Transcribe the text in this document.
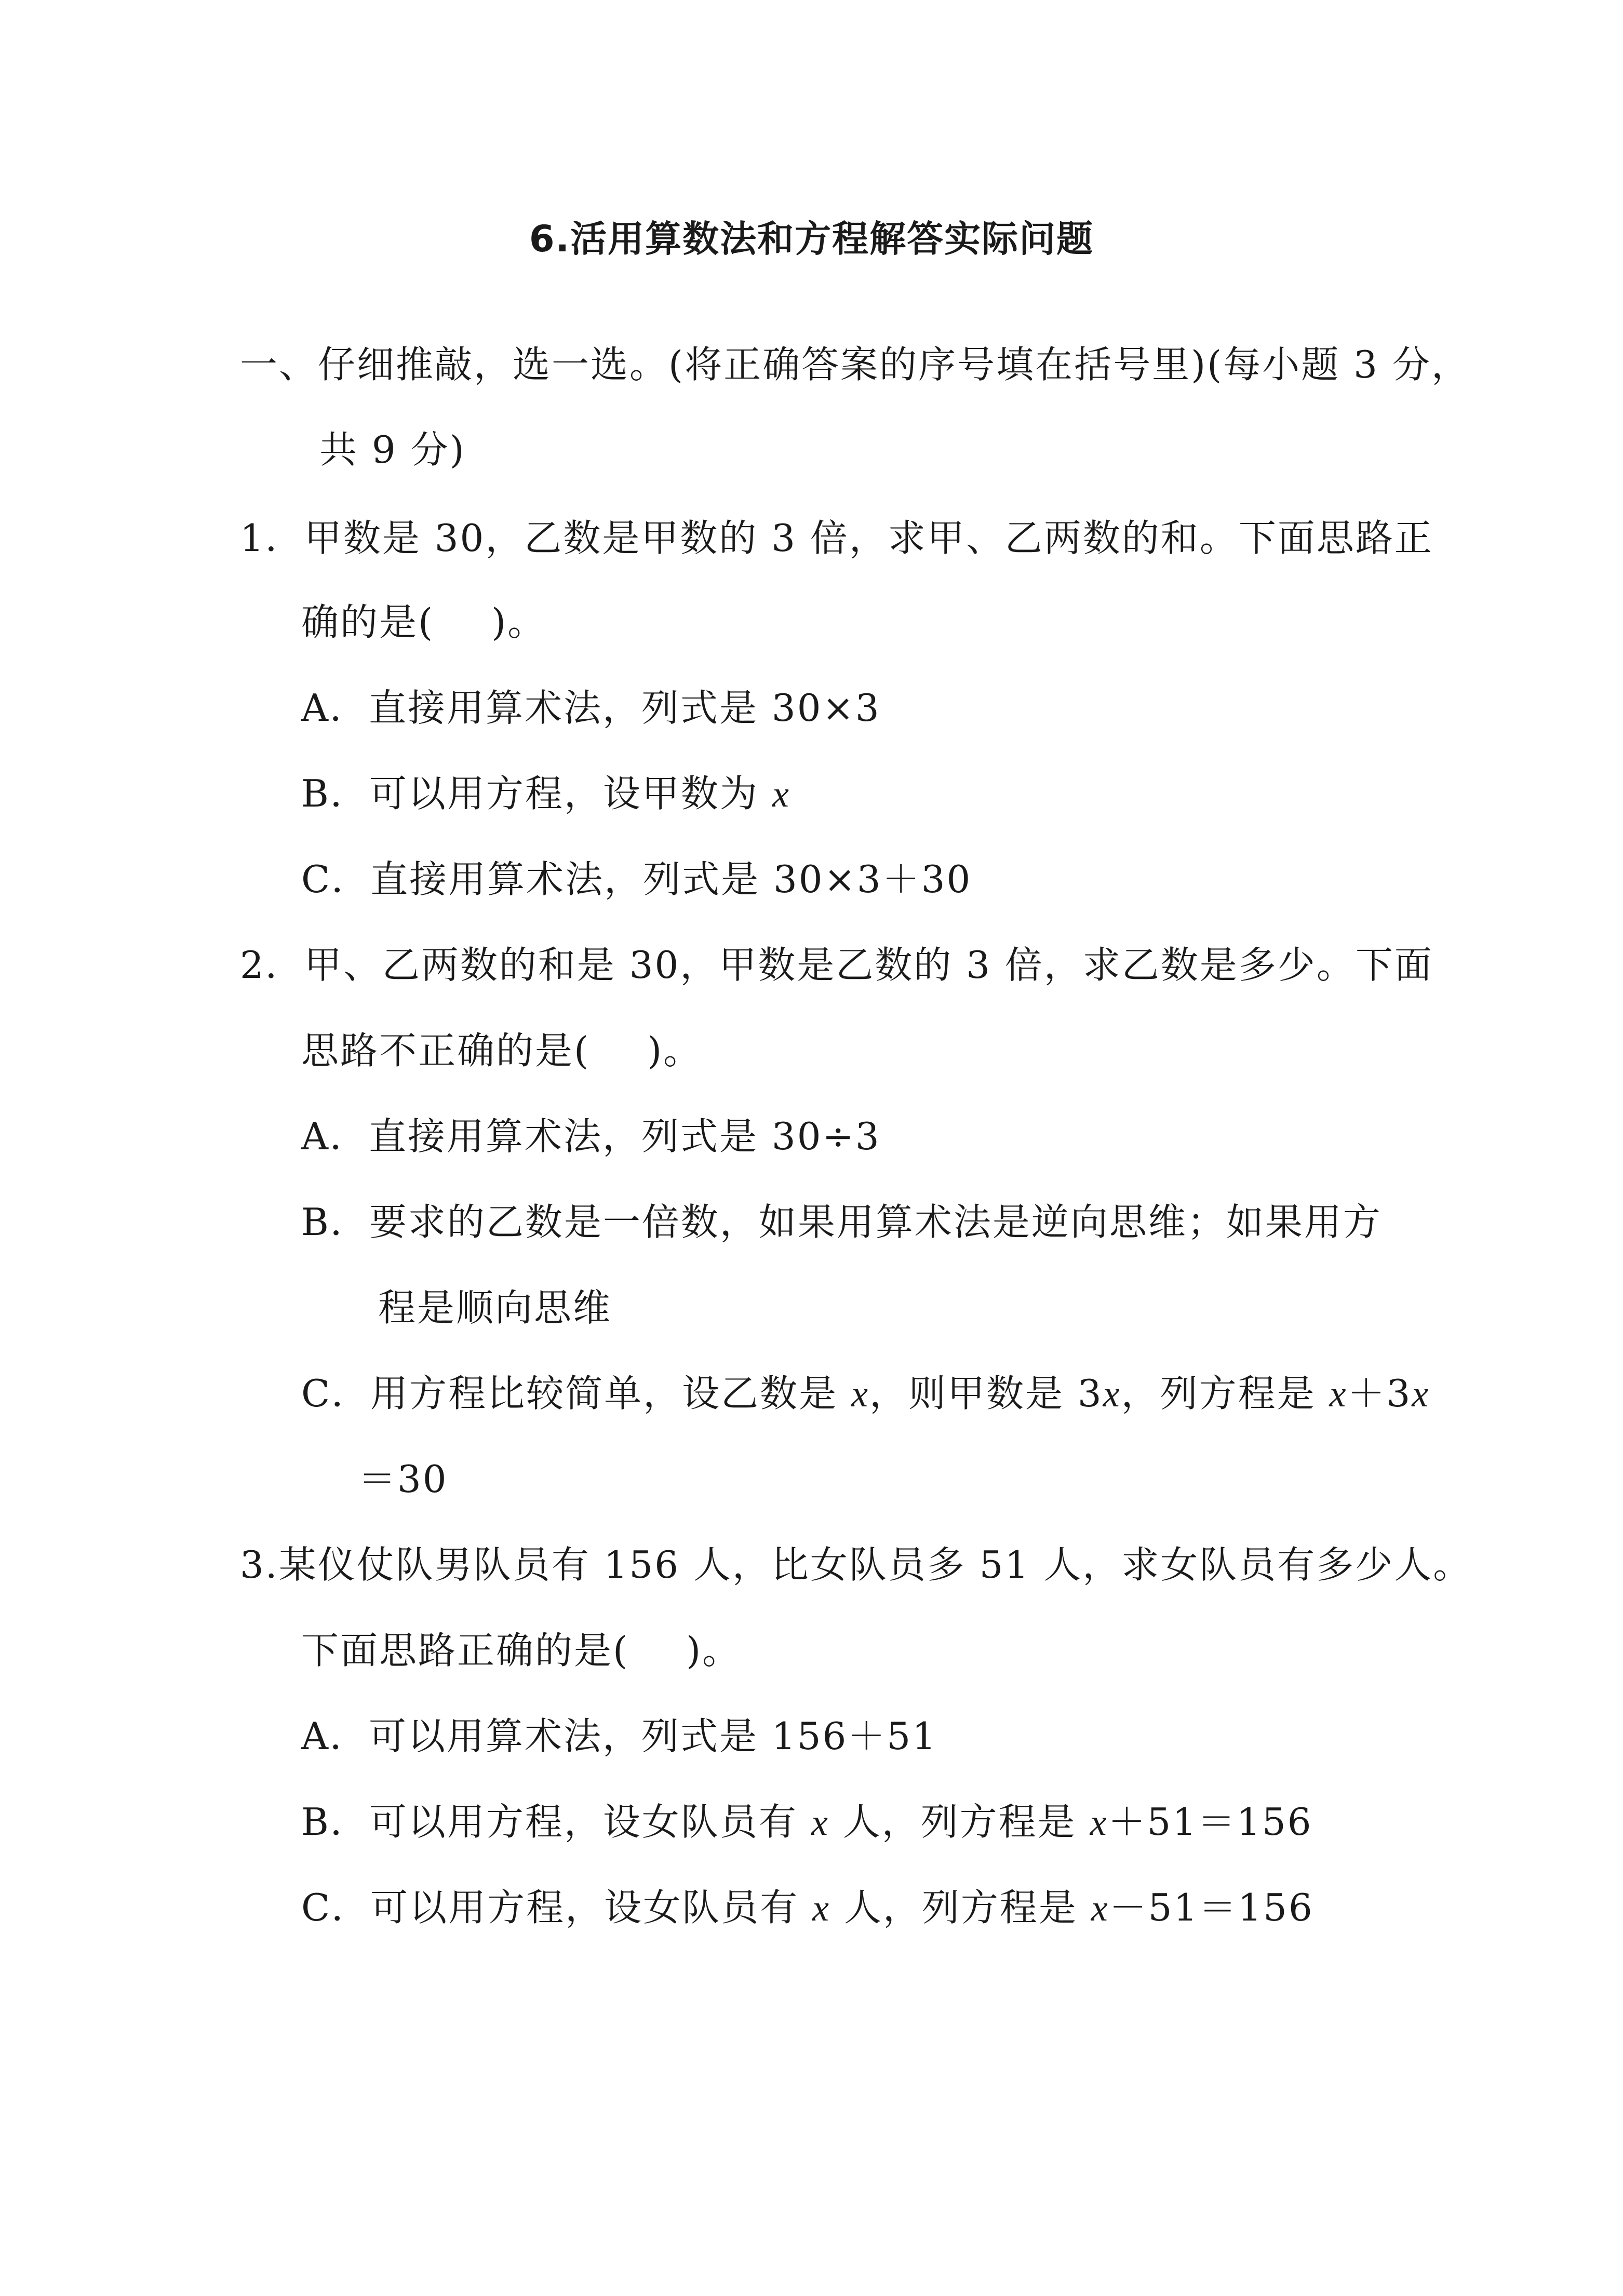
6.活用算数法和方程解答实际问题
一、仔细推敲，选一选。(将正确答案的序号填在括号里)(每小题 3 分，
共 9 分)
1．甲数是 30，乙数是甲数的 3 倍，求甲、乙两数的和。下面思路正
确的是( )。
A．直接用算术法，列式是 30×3
B．可以用方程，设甲数为 x
C．直接用算术法，列式是 30×3＋30
2．甲、乙两数的和是 30，甲数是乙数的 3 倍，求乙数是多少。下面
思路不正确的是( )。
A．直接用算术法，列式是 30÷3
B．要求的乙数是一倍数，如果用算术法是逆向思维；如果用方
程是顺向思维
C．用方程比较简单，设乙数是 x，则甲数是 3x，列方程是 x＋3x
＝30
3.某仪仗队男队员有 156 人，比女队员多 51 人，求女队员有多少人。
下面思路正确的是( )。
A．可以用算术法，列式是 156＋51
B．可以用方程，设女队员有 x 人，列方程是 x＋51＝156
C．可以用方程，设女队员有 x 人，列方程是 x－51＝156
